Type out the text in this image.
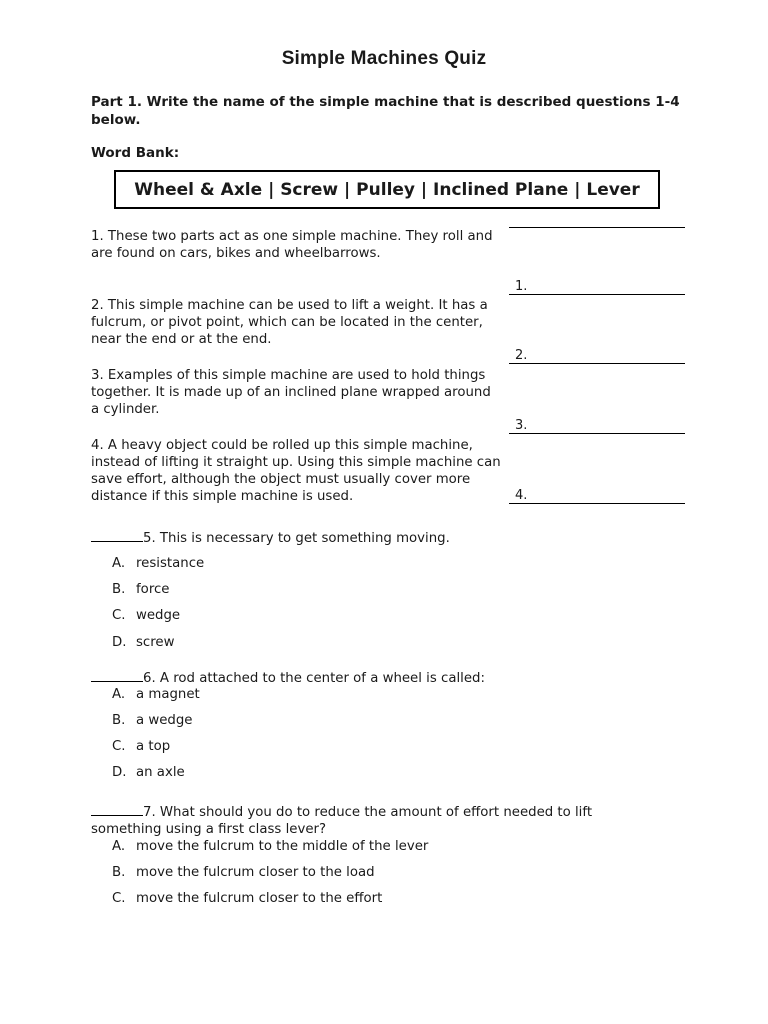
Simple Machines Quiz
Part 1. Write the name of the simple machine that is described questions 1-4 below.
Word Bank:
Wheel & Axle | Screw | Pulley | Inclined Plane | Lever
1. These two parts act as one simple machine. They roll and are found on cars, bikes and wheelbarrows.
2. This simple machine can be used to lift a weight. It has a fulcrum, or pivot point, which can be located in the center, near the end or at the end.
3. Examples of this simple machine are used to hold things together. It is made up of an inclined plane wrapped around a cylinder.
4. A heavy object could be rolled up this simple machine, instead of lifting it straight up. Using this simple machine can save effort, although the object must usually cover more distance if this simple machine is used.
1.
2.
3.
4.
5. This is necessary to get something moving.
A. resistance
B. force
C. wedge
D. screw
6. A rod attached to the center of a wheel is called:
A. a magnet
B. a wedge
C. a top
D. an axle
7. What should you do to reduce the amount of effort needed to lift something using a first class lever?
A. move the fulcrum to the middle of the lever
B. move the fulcrum closer to the load
C. move the fulcrum closer to the effort
